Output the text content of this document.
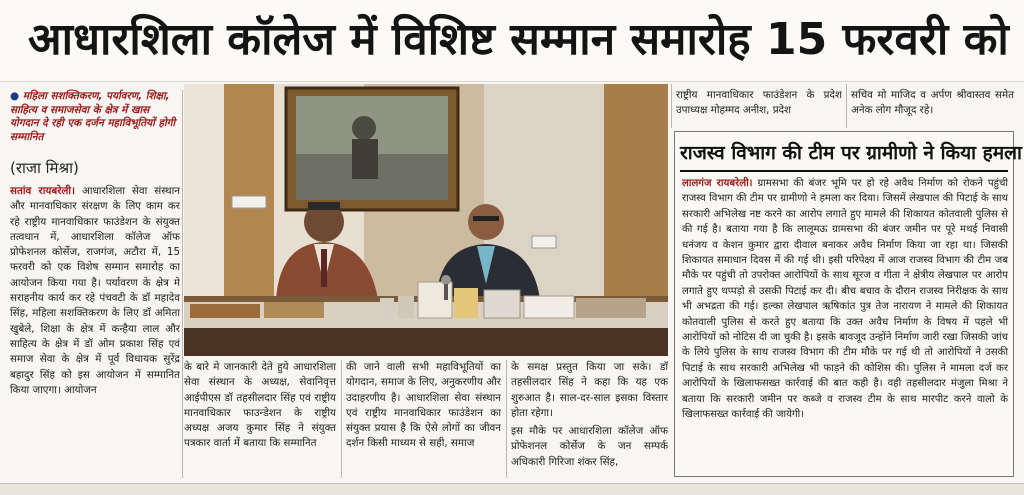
आधारशिला कॉलेज में विशिष्ट सम्मान समारोह 15 फरवरी को
● महिला सशक्तिकरण, पर्यावरण, शिक्षा, साहित्य व समाजसेवा के क्षेत्र में खास योगदान दे रही एक दर्जन महाविभूतियों होगी सम्मानित
(राजा मिश्रा)
सतांव रायबरेली। आधारशिला सेवा संस्थान और मानवाधिकार संरक्षण के लिए काम कर रहे राष्ट्रीय मानवाधिकार फाउंडेशन के संयुक्त तत्वधान में, आधारशिला कॉलेज ऑफ प्रोफेशनल कोर्सेज, राजगंज, अटौरा में, 15 फरवरी को एक विशेष सम्मान समारोह का आयोजन किया गया है। पर्यावरण के क्षेत्र मे सराहनीय कार्य कर रहे पंचवटी के डॉ महादेव सिंह, महिला सशक्तिकरण के लिए डॉ अमिता खुबेले, शिक्षा के क्षेत्र में कन्हैया लाल और साहित्य के क्षेत्र में डॉ ओम प्रकाश सिंह एवं समाज सेवा के क्षेत्र में पूर्व विधायक सुरेंद्र बहादुर सिंह को इस आयोजन में सम्मानित किया जाएगा। आयोजन
के बारे मे जानकारी देते हुये आधारशिला सेवा संस्थान के अध्यक्ष, सेवानिवृत्त आईपीएस डॉ तहसीलदार सिंह एवं राष्ट्रीय मानवाधिकार फाउन्डेशन के राष्ट्रीय अध्यक्ष अजय कुमार सिंह ने संयुक्त पत्रकार वार्ता में बताया कि सम्मानित
की जाने वाली सभी महाविभूतियों का योगदान, समाज के लिए, अनुकरणीय और उदाहरणीय है। आधारशिला सेवा संस्थान एवं राष्ट्रीय मानवाधिकार फाउंडेशन का संयुक्त प्रयास है कि ऐसे लोगों का जीवन दर्शन किसी माध्यम से सही, समाज

के समक्ष प्रस्तुत किया जा सके। डॉ तहसीलदार सिंह ने कहा कि यह एक शुरुआत है। साल-दर-साल इसका विस्तार होता रहेगा।

इस मौके पर आधारशिला कॉलेज ऑफ प्रोफेशनल कोर्सेज के जन सम्पर्क अधिकारी गिरिजा शंकर सिंह,

राष्ट्रीय मानवाधिकार फाउंडेशन के प्रदेश उपाध्यक्ष मोहम्मद अनीश, प्रदेश
सचिव मो माजिद व अर्पण श्रीवास्तव समेत अनेक लोग मौजूद रहे।
राजस्व विभाग की टीम पर ग्रामीणो ने किया हमला
लालगंज रायबरेली। ग्रामसभा की बंजर भूमि पर हो रहे अवैध निर्माण को रोकने पहुंची राजस्व विभाग की टीम पर ग्रामीणो ने हमला कर दिया। जिसमें लेखपाल की पिटाई के साथ सरकारी अभिलेख नष्ट करने का आरोप लगाते हुए मामले की शिकायत कोतवाली पुलिस से की गई है। बताया गया है कि लालूमऊ ग्रामसभा की बंजर जमीन पर पूरे मथई निवासी धनंजय व केशन कुमार द्वारा दीवाल बनाकर अवैध निर्माण किया जा रहा था। जिसकी शिकायत समाधान दिवस में की गई थी। इसी परिपेक्ष्य में आज राजस्व विभाग की टीम जब मौके पर पहुंची तो उपरोक्त आरोपियों के साथ सूरज व गीता ने क्षेत्रीय लेखपाल पर आरोप लगाते हुए थप्पड़ो से उसकी पिटाई कर दी। बीच बचाव के दौरान राजस्व निरीक्षक के साथ भी अभद्रता की गई। हल्का लेखपाल ऋषिकांत पुत्र तेज नारायण ने मामले की शिकायत कोतवाली पुलिस से करते हुए बताया कि उक्त अवैध निर्माण के विषय में पहले भी आरोपियों को नोटिस दी जा चुकी है। इसके बावजूद उन्होंने निर्माण जारी रखा जिसकी जांच के लिये पुलिस के साथ राजस्व विभाग की टीम मौके पर गई थी तो आरोपियों ने उसकी पिटाई के साथ सरकारी अभिलेख भी फाड़ने की कोशिस की। पुलिस ने मामला दर्ज कर आरोपियों के खिलाफसख्त कार्रवाई की बात कही है। वही तहसीलदार मंजुला मिश्रा ने बताया कि सरकारी जमीन पर कब्जे व राजस्व टीम के साथ मारपीट करने वालो के खिलाफसख्त कार्रवाई की जायेगी।
